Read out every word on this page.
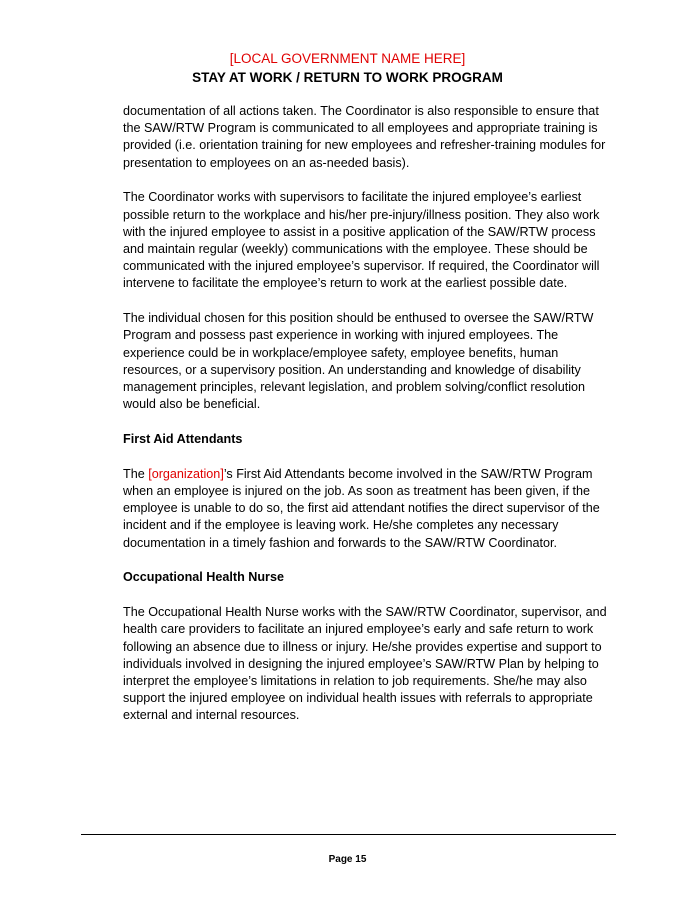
[LOCAL GOVERNMENT NAME HERE]
STAY AT WORK / RETURN TO WORK PROGRAM

documentation of all actions taken. The Coordinator is also responsible to ensure that the SAW/RTW Program is communicated to all employees and appropriate training is provided (i.e. orientation training for new employees and refresher-training modules for presentation to employees on an as-needed basis).

The Coordinator works with supervisors to facilitate the injured employee’s earliest possible return to the workplace and his/her pre-injury/illness position. They also work with the injured employee to assist in a positive application of the SAW/RTW process and maintain regular (weekly) communications with the employee. These should be communicated with the injured employee’s supervisor. If required, the Coordinator will intervene to facilitate the employee’s return to work at the earliest possible date.

The individual chosen for this position should be enthused to oversee the SAW/RTW Program and possess past experience in working with injured employees. The experience could be in workplace/employee safety, employee benefits, human resources, or a supervisory position. An understanding and knowledge of disability management principles, relevant legislation, and problem solving/conflict resolution would also be beneficial.

First Aid Attendants

The [organization]’s First Aid Attendants become involved in the SAW/RTW Program when an employee is injured on the job. As soon as treatment has been given, if the employee is unable to do so, the first aid attendant notifies the direct supervisor of the incident and if the employee is leaving work. He/she completes any necessary documentation in a timely fashion and forwards to the SAW/RTW Coordinator.

Occupational Health Nurse

The Occupational Health Nurse works with the SAW/RTW Coordinator, supervisor, and health care providers to facilitate an injured employee’s early and safe return to work following an absence due to illness or injury. He/she provides expertise and support to individuals involved in designing the injured employee’s SAW/RTW Plan by helping to interpret the employee’s limitations in relation to job requirements. She/he may also support the injured employee on individual health issues with referrals to appropriate external and internal resources.

Page 15
